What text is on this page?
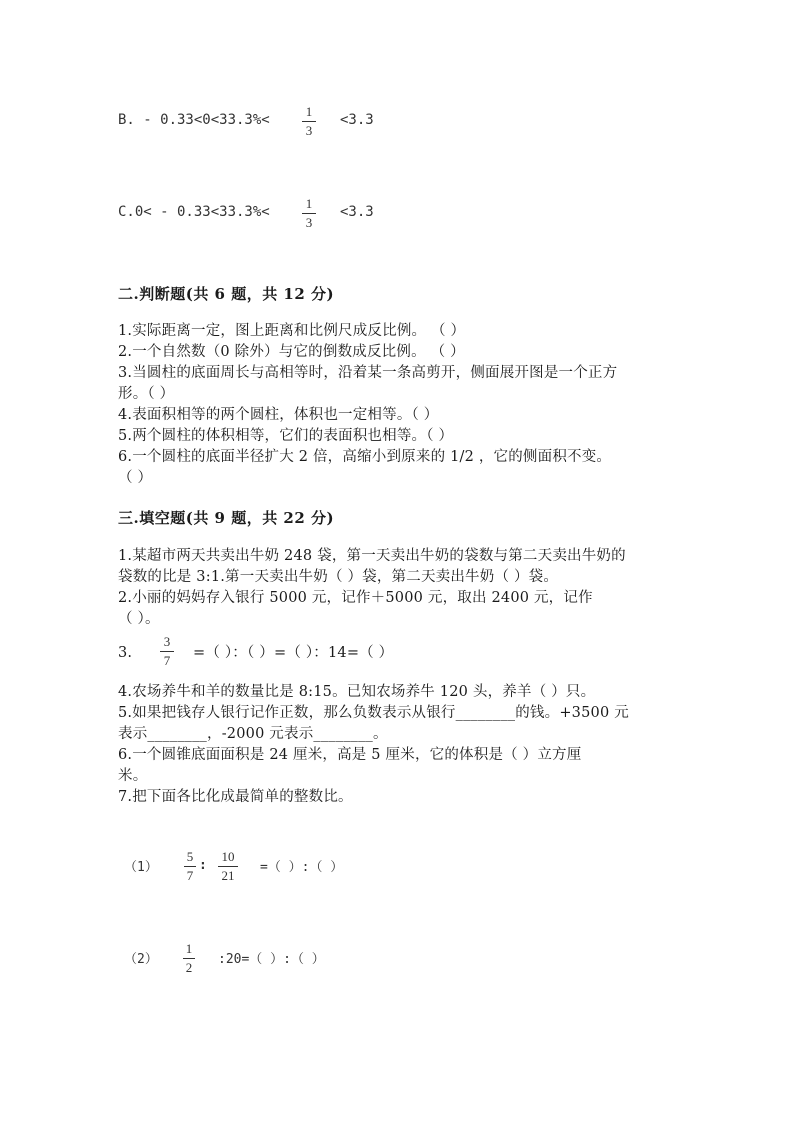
B. - 0.33<0<33.3%<
1
3
<3.3
C.0< - 0.33<33.3%<
1
3
<3.3
二.判断题(共 6 题，共 12 分)
1.实际距离一定，图上距离和比例尺成反比例。 （ ）
2.一个自然数（0 除外）与它的倒数成反比例。 （ ）
3.当圆柱的底面周长与高相等时，沿着某一条高剪开，侧面展开图是一个正方
形。（ ）
4.表面积相等的两个圆柱，体积也一定相等。（ ）
5.两个圆柱的体积相等，它们的表面积也相等。（ ）
6.一个圆柱的底面半径扩大 2 倍，高缩小到原来的 1/2 ，它的侧面积不变。
（ ）
三.填空题(共 9 题，共 22 分)
1.某超市两天共卖出牛奶 248 袋，第一天卖出牛奶的袋数与第二天卖出牛奶的
袋数的比是 3:1.第一天卖出牛奶（ ）袋，第二天卖出牛奶（ ）袋。
2.小丽的妈妈存入银行 5000 元，记作＋5000 元，取出 2400 元，记作
（ ）。
3.
3
7 =（ ）：（ ）=（ ）：14=（ ）
4.农场养牛和羊的数量比是 8:15。已知农场养牛 120 头，养羊（ ）只。
5.如果把钱存人银行记作正数，那么负数表示从银行________的钱。+3500 元
表示________，-2000 元表示________。
6.一个圆锥底面面积是 24 厘米，高是 5 厘米，它的体积是（ ）立方厘
米。
7.把下面各比化成最简单的整数比。
（1）
5
7
:
10
21
=（ ）:（ ）
（2）
1
2
:20=（ ）:（ ）
